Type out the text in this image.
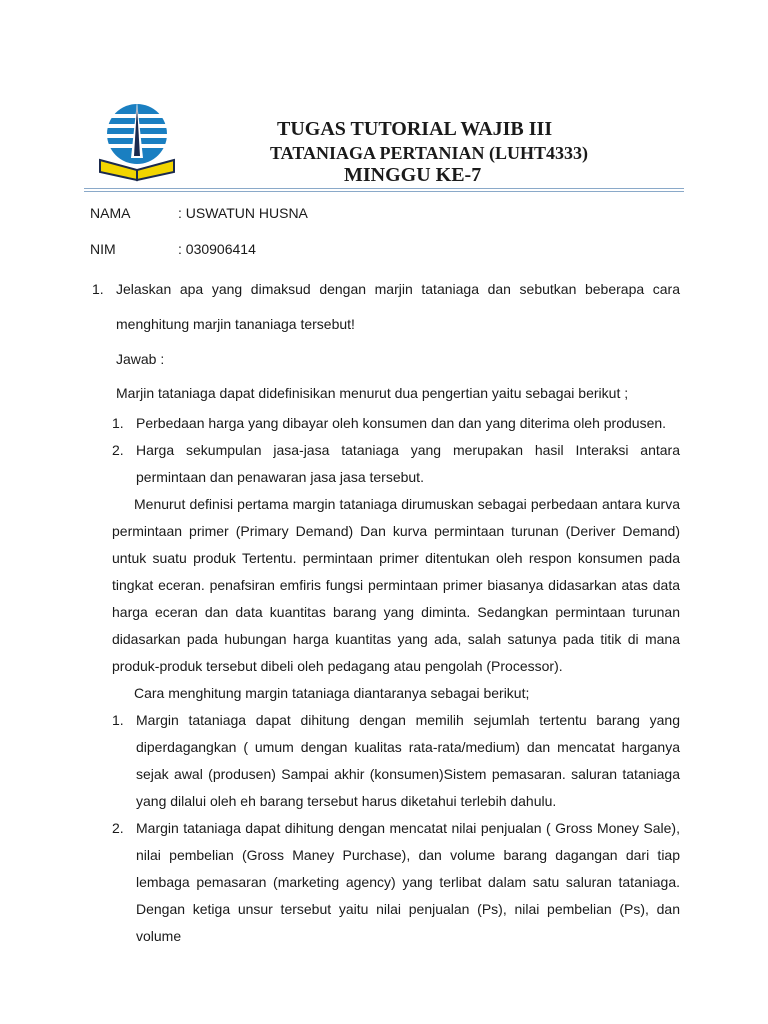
TUGAS TUTORIAL WAJIB III
TATANIAGA PERTANIAN (LUHT4333)
MINGGU KE-7
NAMA	: USWATUN HUSNA
NIM	: 030906414
1. Jelaskan apa yang dimaksud dengan marjin tataniaga dan sebutkan beberapa cara menghitung marjin tananiaga tersebut!

Jawab :

Marjin tataniaga dapat didefinisikan menurut dua pengertian yaitu sebagai berikut ;

1. Perbedaan harga yang dibayar oleh konsumen dan dan yang diterima oleh produsen.

2. Harga sekumpulan jasa-jasa tataniaga yang merupakan hasil Interaksi antara permintaan dan penawaran jasa jasa tersebut.

Menurut definisi pertama margin tataniaga dirumuskan sebagai perbedaan antara kurva permintaan primer (Primary Demand) Dan kurva permintaan turunan (Deriver Demand) untuk suatu produk Tertentu. permintaan primer ditentukan oleh respon konsumen pada tingkat eceran. penafsiran emfiris fungsi permintaan primer biasanya didasarkan atas data harga eceran dan data kuantitas barang yang diminta. Sedangkan permintaan turunan didasarkan pada hubungan harga kuantitas yang ada, salah satunya pada titik di mana produk-produk tersebut dibeli oleh pedagang atau pengolah (Processor).

Cara menghitung margin tataniaga diantaranya sebagai berikut;

1. Margin tataniaga dapat dihitung dengan memilih sejumlah tertentu barang yang diperdagangkan ( umum dengan kualitas rata-rata/medium) dan mencatat harganya sejak awal (produsen) Sampai akhir (konsumen)Sistem pemasaran. saluran tataniaga yang dilalui oleh eh barang tersebut harus diketahui terlebih dahulu.

2. Margin tataniaga dapat dihitung dengan mencatat nilai penjualan ( Gross Money Sale), nilai pembelian (Gross Maney Purchase), dan volume barang dagangan dari tiap lembaga pemasaran (marketing agency) yang terlibat dalam satu saluran tataniaga. Dengan ketiga unsur tersebut yaitu nilai penjualan (Ps), nilai pembelian (Ps), dan volume
